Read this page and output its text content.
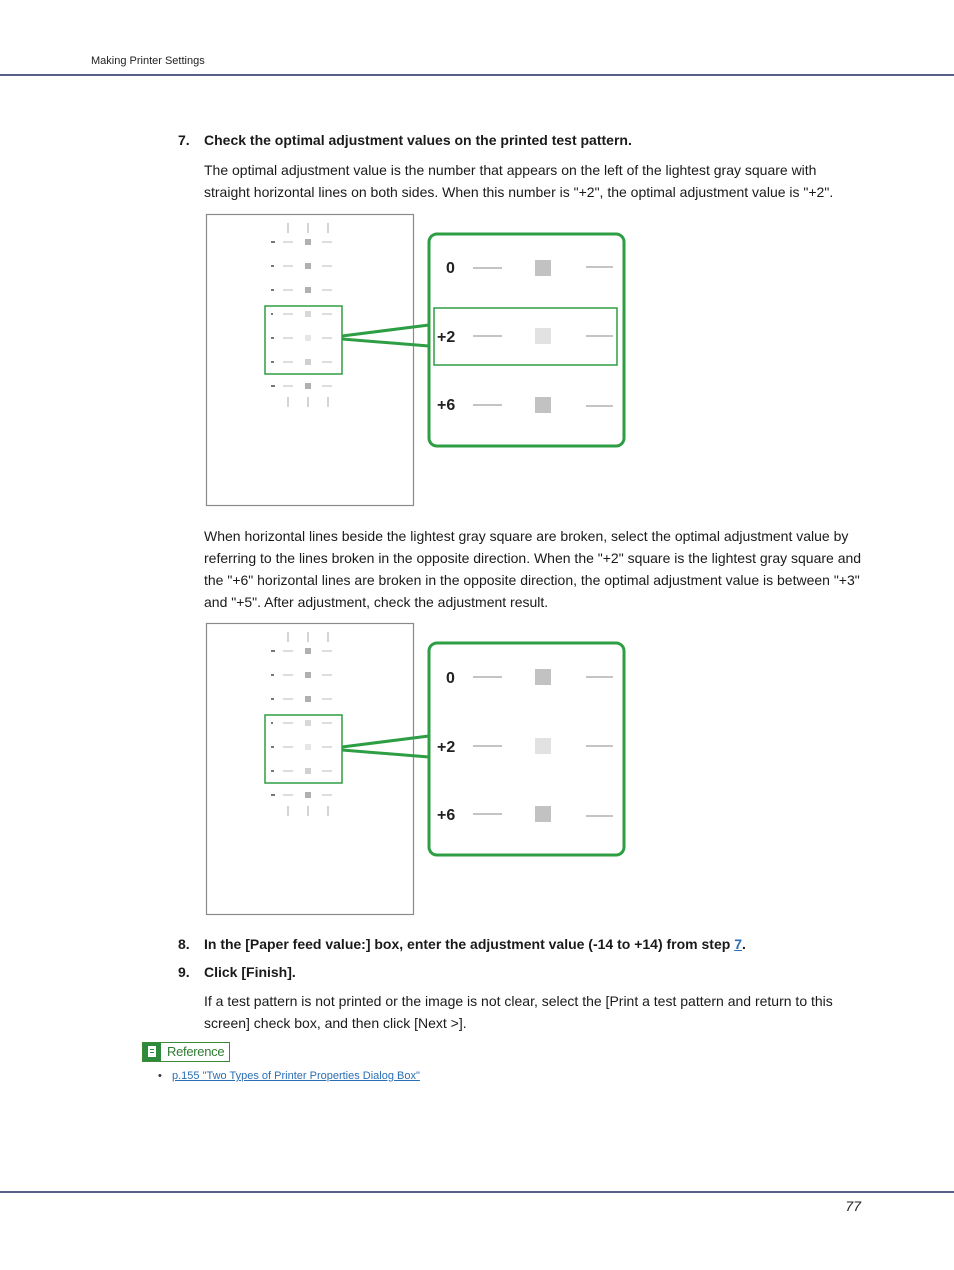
Making Printer Settings
7. Check the optimal adjustment values on the printed test pattern.
The optimal adjustment value is the number that appears on the left of the lightest gray square with straight horizontal lines on both sides. When this number is "+2", the optimal adjustment value is "+2".
0
+2
+6
When horizontal lines beside the lightest gray square are broken, select the optimal adjustment value by referring to the lines broken in the opposite direction. When the "+2" square is the lightest gray square and the "+6" horizontal lines are broken in the opposite direction, the optimal adjustment value is between "+3" and "+5". After adjustment, check the adjustment result.
0
+2
+6
8. In the [Paper feed value:] box, enter the adjustment value (-14 to +14) from step 7.
9. Click [Finish].
If a test pattern is not printed or the image is not clear, select the [Print a test pattern and return to this screen] check box, and then click [Next >].
Reference
• p.155 "Two Types of Printer Properties Dialog Box"
77
